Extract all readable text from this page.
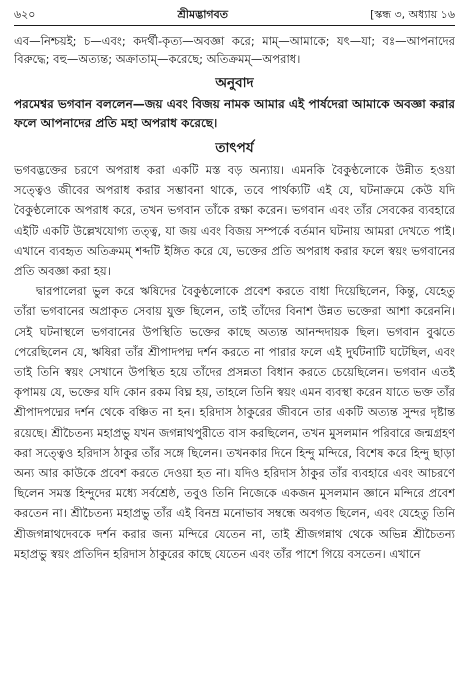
৬২০	শ্রীমদ্ভাগবত	[স্কন্ধ ৩, অধ্যায় ১৬

এব—নিশ্চয়ই; চ—এবং; কদর্থী-কৃত্য—অবজ্ঞা করে; মাম্—আমাকে; যৎ—যা; বঃ—আপনাদের বিরুদ্ধে; বহু—অত্যন্ত; অক্রাতাম্—করেছে; অতিক্রমম্—অপরাধ।

অনুবাদ

পরমেশ্বর ভগবান বললেন—জয় এবং বিজয় নামক আমার এই পার্ষদেরা আমাকে অবজ্ঞা করার ফলে আপনাদের প্রতি মহা অপরাধ করেছে।

তাৎপর্য

ভগবদ্ভক্তের চরণে অপরাধ করা একটি মস্ত বড় অন্যায়। এমনকি বৈকুণ্ঠলোকে উন্নীত হওয়া সত্ত্বেও জীবের অপরাধ করার সম্ভাবনা থাকে, তবে পার্থক্যটি এই যে, ঘটনাক্রমে কেউ যদি বৈকুণ্ঠলোকে অপরাধ করে, তখন ভগবান তাঁকে রক্ষা করেন। ভগবান এবং তাঁর সেবকের ব্যবহারে এইটি একটি উল্লেখযোগ্য তত্ত্ব, যা জয় এবং বিজয় সম্পর্কে বর্তমান ঘটনায় আমরা দেখতে পাই। এখানে ব্যবহৃত অতিক্রমম্ শব্দটি ইঙ্গিত করে যে, ভক্তের প্রতি অপরাধ করার ফলে স্বয়ং ভগবানের প্রতি অবজ্ঞা করা হয়।

দ্বারপালেরা ভুল করে ঋষিদের বৈকুণ্ঠলোকে প্রবেশ করতে বাধা দিয়েছিলেন, কিন্তু, যেহেতু তাঁরা ভগবানের অপ্রাকৃত সেবায় যুক্ত ছিলেন, তাই তাঁদের বিনাশ উন্নত ভক্তেরা আশা করেননি। সেই ঘটনাস্থলে ভগবানের উপস্থিতি ভক্তের কাছে অত্যন্ত আনন্দদায়ক ছিল। ভগবান বুঝতে পেরেছিলেন যে, ঋষিরা তাঁর শ্রীপাদপদ্ম দর্শন করতে না পারার ফলে এই দুর্ঘটনাটি ঘটেছিল, এবং তাই তিনি স্বয়ং সেখানে উপস্থিত হয়ে তাঁদের প্রসন্নতা বিধান করতে চেয়েছিলেন। ভগবান এতই কৃপাময় যে, ভক্তের যদি কোন রকম বিঘ্ন হয়, তাহলে তিনি স্বয়ং এমন ব্যবস্থা করেন যাতে ভক্ত তাঁর শ্রীপাদপদ্মের দর্শন থেকে বঞ্চিত না হন। হরিদাস ঠাকুরের জীবনে তার একটি অত্যন্ত সুন্দর দৃষ্টান্ত রয়েছে। শ্রীচৈতন্য মহাপ্রভু যখন জগন্নাথপুরীতে বাস করছিলেন, তখন মুসলমান পরিবারে জন্মগ্রহণ করা সত্ত্বেও হরিদাস ঠাকুর তাঁর সঙ্গে ছিলেন। তখনকার দিনে হিন্দু মন্দিরে, বিশেষ করে হিন্দু ছাড়া অন্য আর কাউকে প্রবেশ করতে দেওয়া হত না। যদিও হরিদাস ঠাকুর তাঁর ব্যবহারে এবং আচরণে ছিলেন সমস্ত হিন্দুদের মধ্যে সর্বশ্রেষ্ঠ, তবুও তিনি নিজেকে একজন মুসলমান জ্ঞানে মন্দিরে প্রবেশ করতেন না। শ্রীচৈতন্য মহাপ্রভু তাঁর এই বিনম্র মনোভাব সম্বন্ধে অবগত ছিলেন, এবং যেহেতু তিনি শ্রীজগন্নাথদেবকে দর্শন করার জন্য মন্দিরে যেতেন না, তাই শ্রীজগন্নাথ থেকে অভিন্ন শ্রীচৈতন্য মহাপ্রভু স্বয়ং প্রতিদিন হরিদাস ঠাকুরের কাছে যেতেন এবং তাঁর পাশে গিয়ে বসতেন। এখানে
